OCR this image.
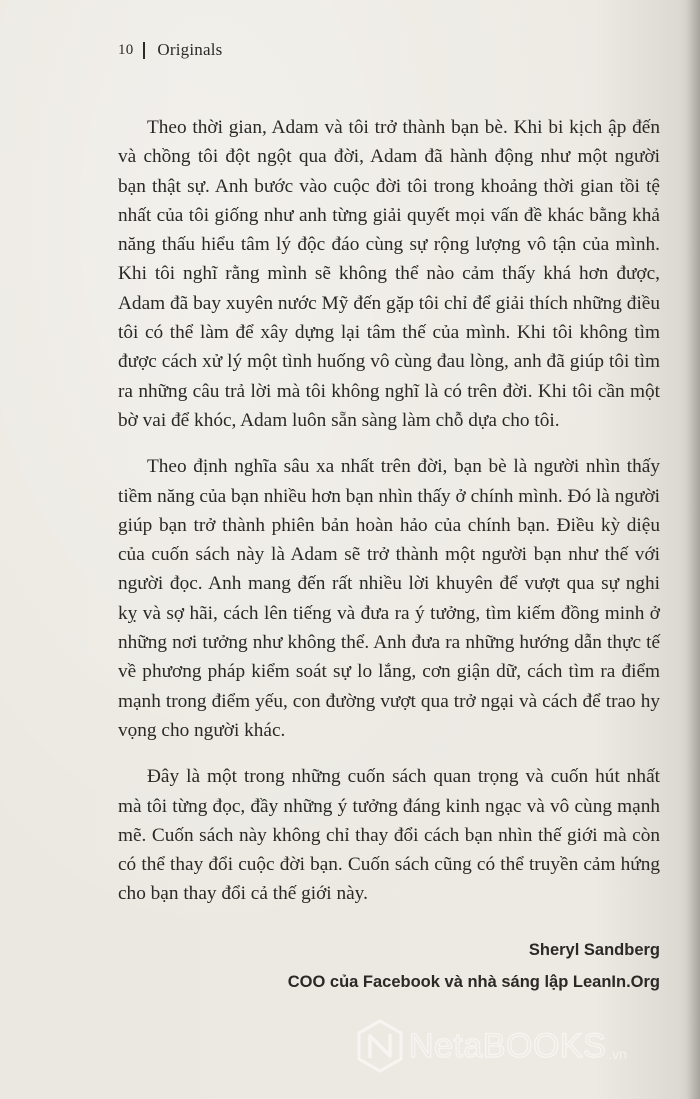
10 Originals

Theo thời gian, Adam và tôi trở thành bạn bè. Khi bi kịch ập đến và chồng tôi đột ngột qua đời, Adam đã hành động như một người bạn thật sự. Anh bước vào cuộc đời tôi trong khoảng thời gian tồi tệ nhất của tôi giống như anh từng giải quyết mọi vấn đề khác bằng khả năng thấu hiểu tâm lý độc đáo cùng sự rộng lượng vô tận của mình. Khi tôi nghĩ rằng mình sẽ không thể nào cảm thấy khá hơn được, Adam đã bay xuyên nước Mỹ đến gặp tôi chỉ để giải thích những điều tôi có thể làm để xây dựng lại tâm thế của mình. Khi tôi không tìm được cách xử lý một tình huống vô cùng đau lòng, anh đã giúp tôi tìm ra những câu trả lời mà tôi không nghĩ là có trên đời. Khi tôi cần một bờ vai để khóc, Adam luôn sẵn sàng làm chỗ dựa cho tôi.

Theo định nghĩa sâu xa nhất trên đời, bạn bè là người nhìn thấy tiềm năng của bạn nhiều hơn bạn nhìn thấy ở chính mình. Đó là người giúp bạn trở thành phiên bản hoàn hảo của chính bạn. Điều kỳ diệu của cuốn sách này là Adam sẽ trở thành một người bạn như thế với người đọc. Anh mang đến rất nhiều lời khuyên để vượt qua sự nghi kỵ và sợ hãi, cách lên tiếng và đưa ra ý tưởng, tìm kiếm đồng minh ở những nơi tưởng như không thể. Anh đưa ra những hướng dẫn thực tế về phương pháp kiểm soát sự lo lắng, cơn giận dữ, cách tìm ra điểm mạnh trong điểm yếu, con đường vượt qua trở ngại và cách để trao hy vọng cho người khác.

Đây là một trong những cuốn sách quan trọng và cuốn hút nhất mà tôi từng đọc, đầy những ý tưởng đáng kinh ngạc và vô cùng mạnh mẽ. Cuốn sách này không chỉ thay đổi cách bạn nhìn thế giới mà còn có thể thay đổi cuộc đời bạn. Cuốn sách cũng có thể truyền cảm hứng cho bạn thay đổi cả thế giới này.

Sheryl Sandberg
COO của Facebook và nhà sáng lập LeanIn.Org
NetaBOOKS .vn
